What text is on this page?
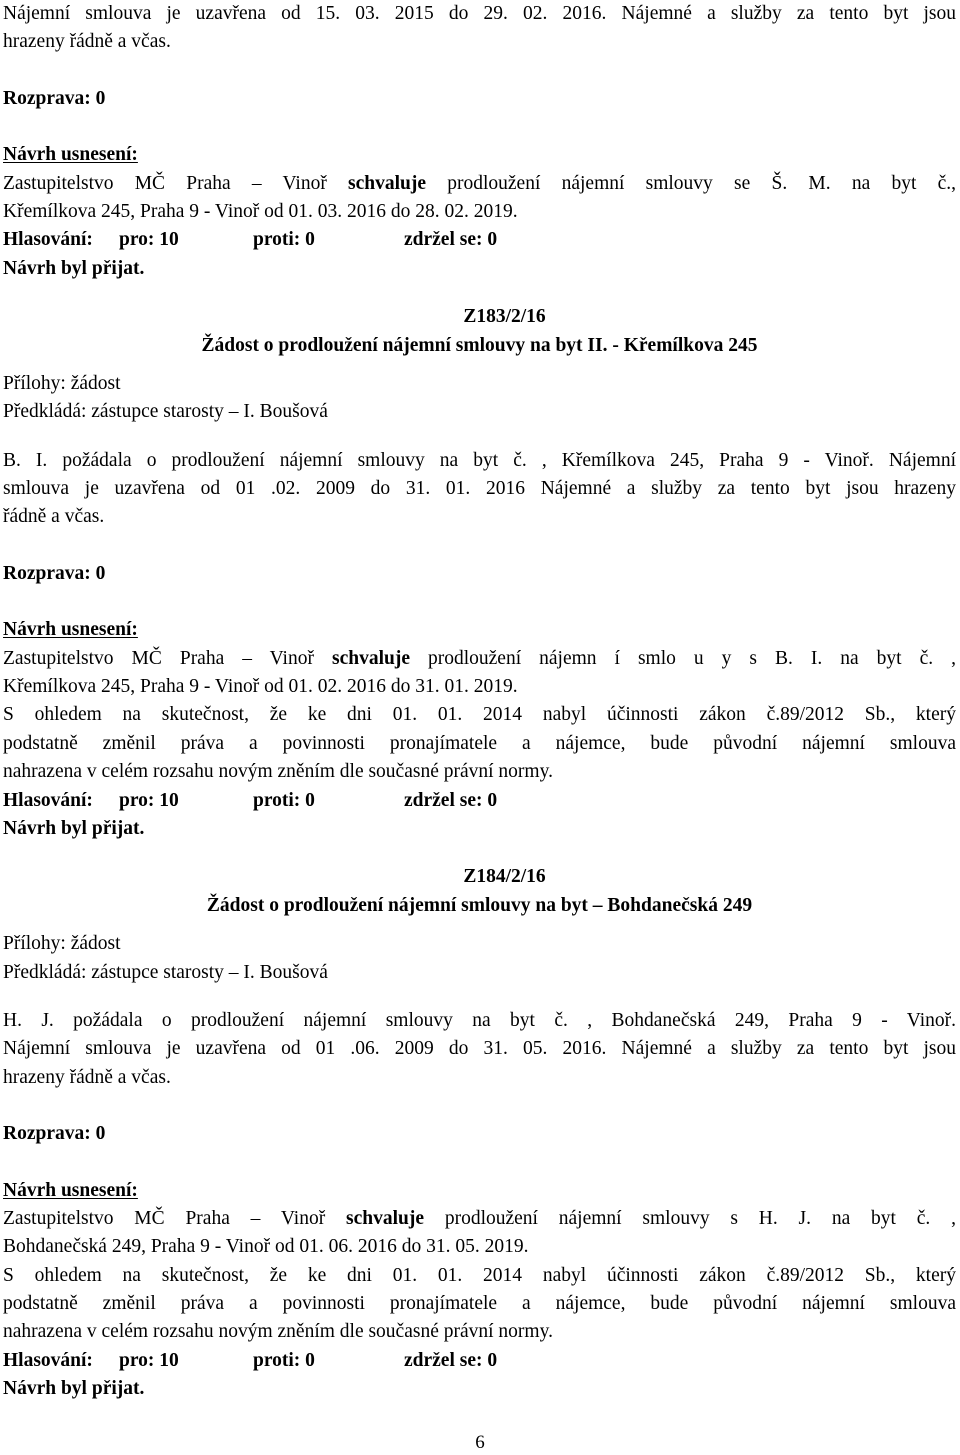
Nájemní smlouva je uzavřena od 15. 03. 2015 do 29. 02. 2016. Nájemné a služby za tento byt jsou
hrazeny řádně a včas.
Rozprava: 0
Návrh usnesení:
Zastupitelstvo MČ Praha – Vinoř schvaluje prodloužení nájemní smlouvy se Š. M. na byt č.,
Křemílkova 245, Praha 9 - Vinoř od 01. 03. 2016 do 28. 02. 2019.
Hlasování: pro: 10	proti: 0	zdržel se: 0
Návrh byl přijat.
Z183/2/16
Žádost o prodloužení nájemní smlouvy na byt II. - Křemílkova 245
Přílohy: žádost
Předkládá: zástupce starosty – I. Boušová
B. I. požádala o prodloužení nájemní smlouvy na byt č. , Křemílkova 245, Praha 9 - Vinoř. Nájemní
smlouva je uzavřena od 01 .02. 2009 do 31. 01. 2016 Nájemné a služby za tento byt jsou hrazeny
řádně a včas.
Rozprava: 0
Návrh usnesení:
Zastupitelstvo MČ Praha – Vinoř schvaluje prodloužení nájemn í smlo u y s B. I. na byt č. ,
Křemílkova 245, Praha 9 - Vinoř od 01. 02. 2016 do 31. 01. 2019.
S ohledem na skutečnost, že ke dni 01. 01. 2014 nabyl účinnosti zákon č.89/2012 Sb., který
podstatně změnil práva a povinnosti pronajímatele a nájemce, bude původní nájemní smlouva
nahrazena v celém rozsahu novým zněním dle současné právní normy.
Hlasování: pro: 10	proti: 0	zdržel se: 0
Návrh byl přijat.
Z184/2/16
Žádost o prodloužení nájemní smlouvy na byt – Bohdanečská 249
Přílohy: žádost
Předkládá: zástupce starosty – I. Boušová
H. J. požádala o prodloužení nájemní smlouvy na byt č. , Bohdanečská 249, Praha 9 - Vinoř.
Nájemní smlouva je uzavřena od 01 .06. 2009 do 31. 05. 2016. Nájemné a služby za tento byt jsou
hrazeny řádně a včas.
Rozprava: 0
Návrh usnesení:
Zastupitelstvo MČ Praha – Vinoř schvaluje prodloužení nájemní smlouvy s H. J. na byt č. ,
Bohdanečská 249, Praha 9 - Vinoř od 01. 06. 2016 do 31. 05. 2019.
S ohledem na skutečnost, že ke dni 01. 01. 2014 nabyl účinnosti zákon č.89/2012 Sb., který
podstatně změnil práva a povinnosti pronajímatele a nájemce, bude původní nájemní smlouva
nahrazena v celém rozsahu novým zněním dle současné právní normy.
Hlasování: pro: 10	proti: 0	zdržel se: 0
Návrh byl přijat.
6
